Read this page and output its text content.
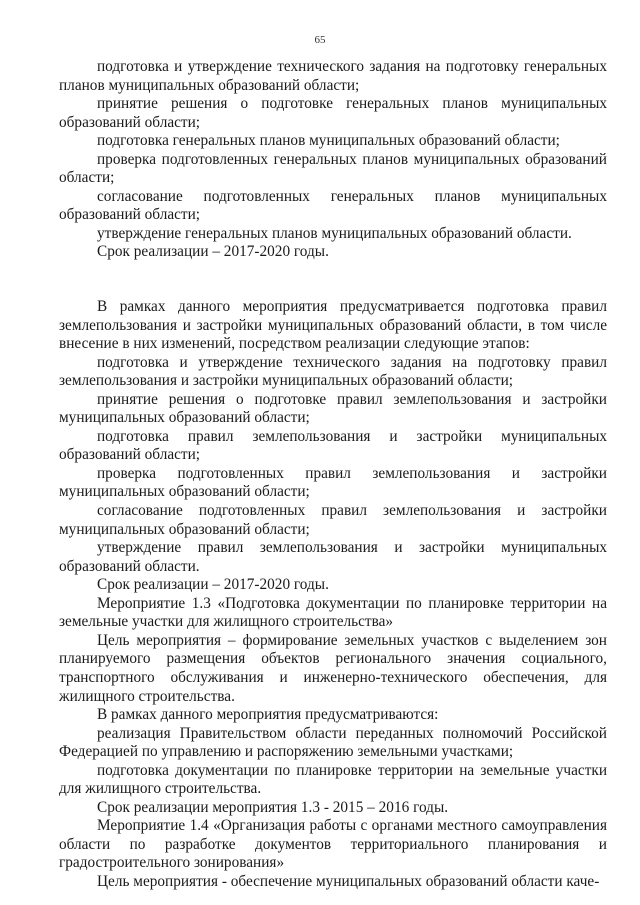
65

подготовка и утверждение технического задания на подготовку генеральных планов муниципальных образований области;

принятие решения о подготовке генеральных планов муниципальных образований области;

подготовка генеральных планов муниципальных образований области;

проверка подготовленных генеральных планов муниципальных образований области;

согласование подготовленных генеральных планов муниципальных образований области;

утверждение генеральных планов муниципальных образований области.

Срок реализации – 2017-2020 годы.

В рамках данного мероприятия предусматривается подготовка правил землепользования и застройки муниципальных образований области, в том числе внесение в них изменений, посредством реализации следующие этапов:

подготовка и утверждение технического задания на подготовку правил землепользования и застройки муниципальных образований области;

принятие решения о подготовке правил землепользования и застройки муниципальных образований области;

подготовка правил землепользования и застройки муниципальных образований области;

проверка подготовленных правил землепользования и застройки муниципальных образований области;

согласование подготовленных правил землепользования и застройки муниципальных образований области;

утверждение правил землепользования и застройки муниципальных образований области.

Срок реализации – 2017-2020 годы.

Мероприятие 1.3 «Подготовка документации по планировке территории на земельные участки для жилищного строительства»

Цель мероприятия – формирование земельных участков с выделением зон планируемого размещения объектов регионального значения социального, транспортного обслуживания и инженерно-технического обеспечения, для жилищного строительства.

В рамках данного мероприятия предусматриваются:

реализация Правительством области переданных полномочий Российской Федерацией по управлению и распоряжению земельными участками;

подготовка документации по планировке территории на земельные участки для жилищного строительства.

Срок реализации мероприятия 1.3 - 2015 – 2016 годы.

Мероприятие 1.4 «Организация работы с органами местного самоуправления области по разработке документов территориального планирования и градостроительного зонирования»

Цель мероприятия - обеспечение муниципальных образований области каче-
